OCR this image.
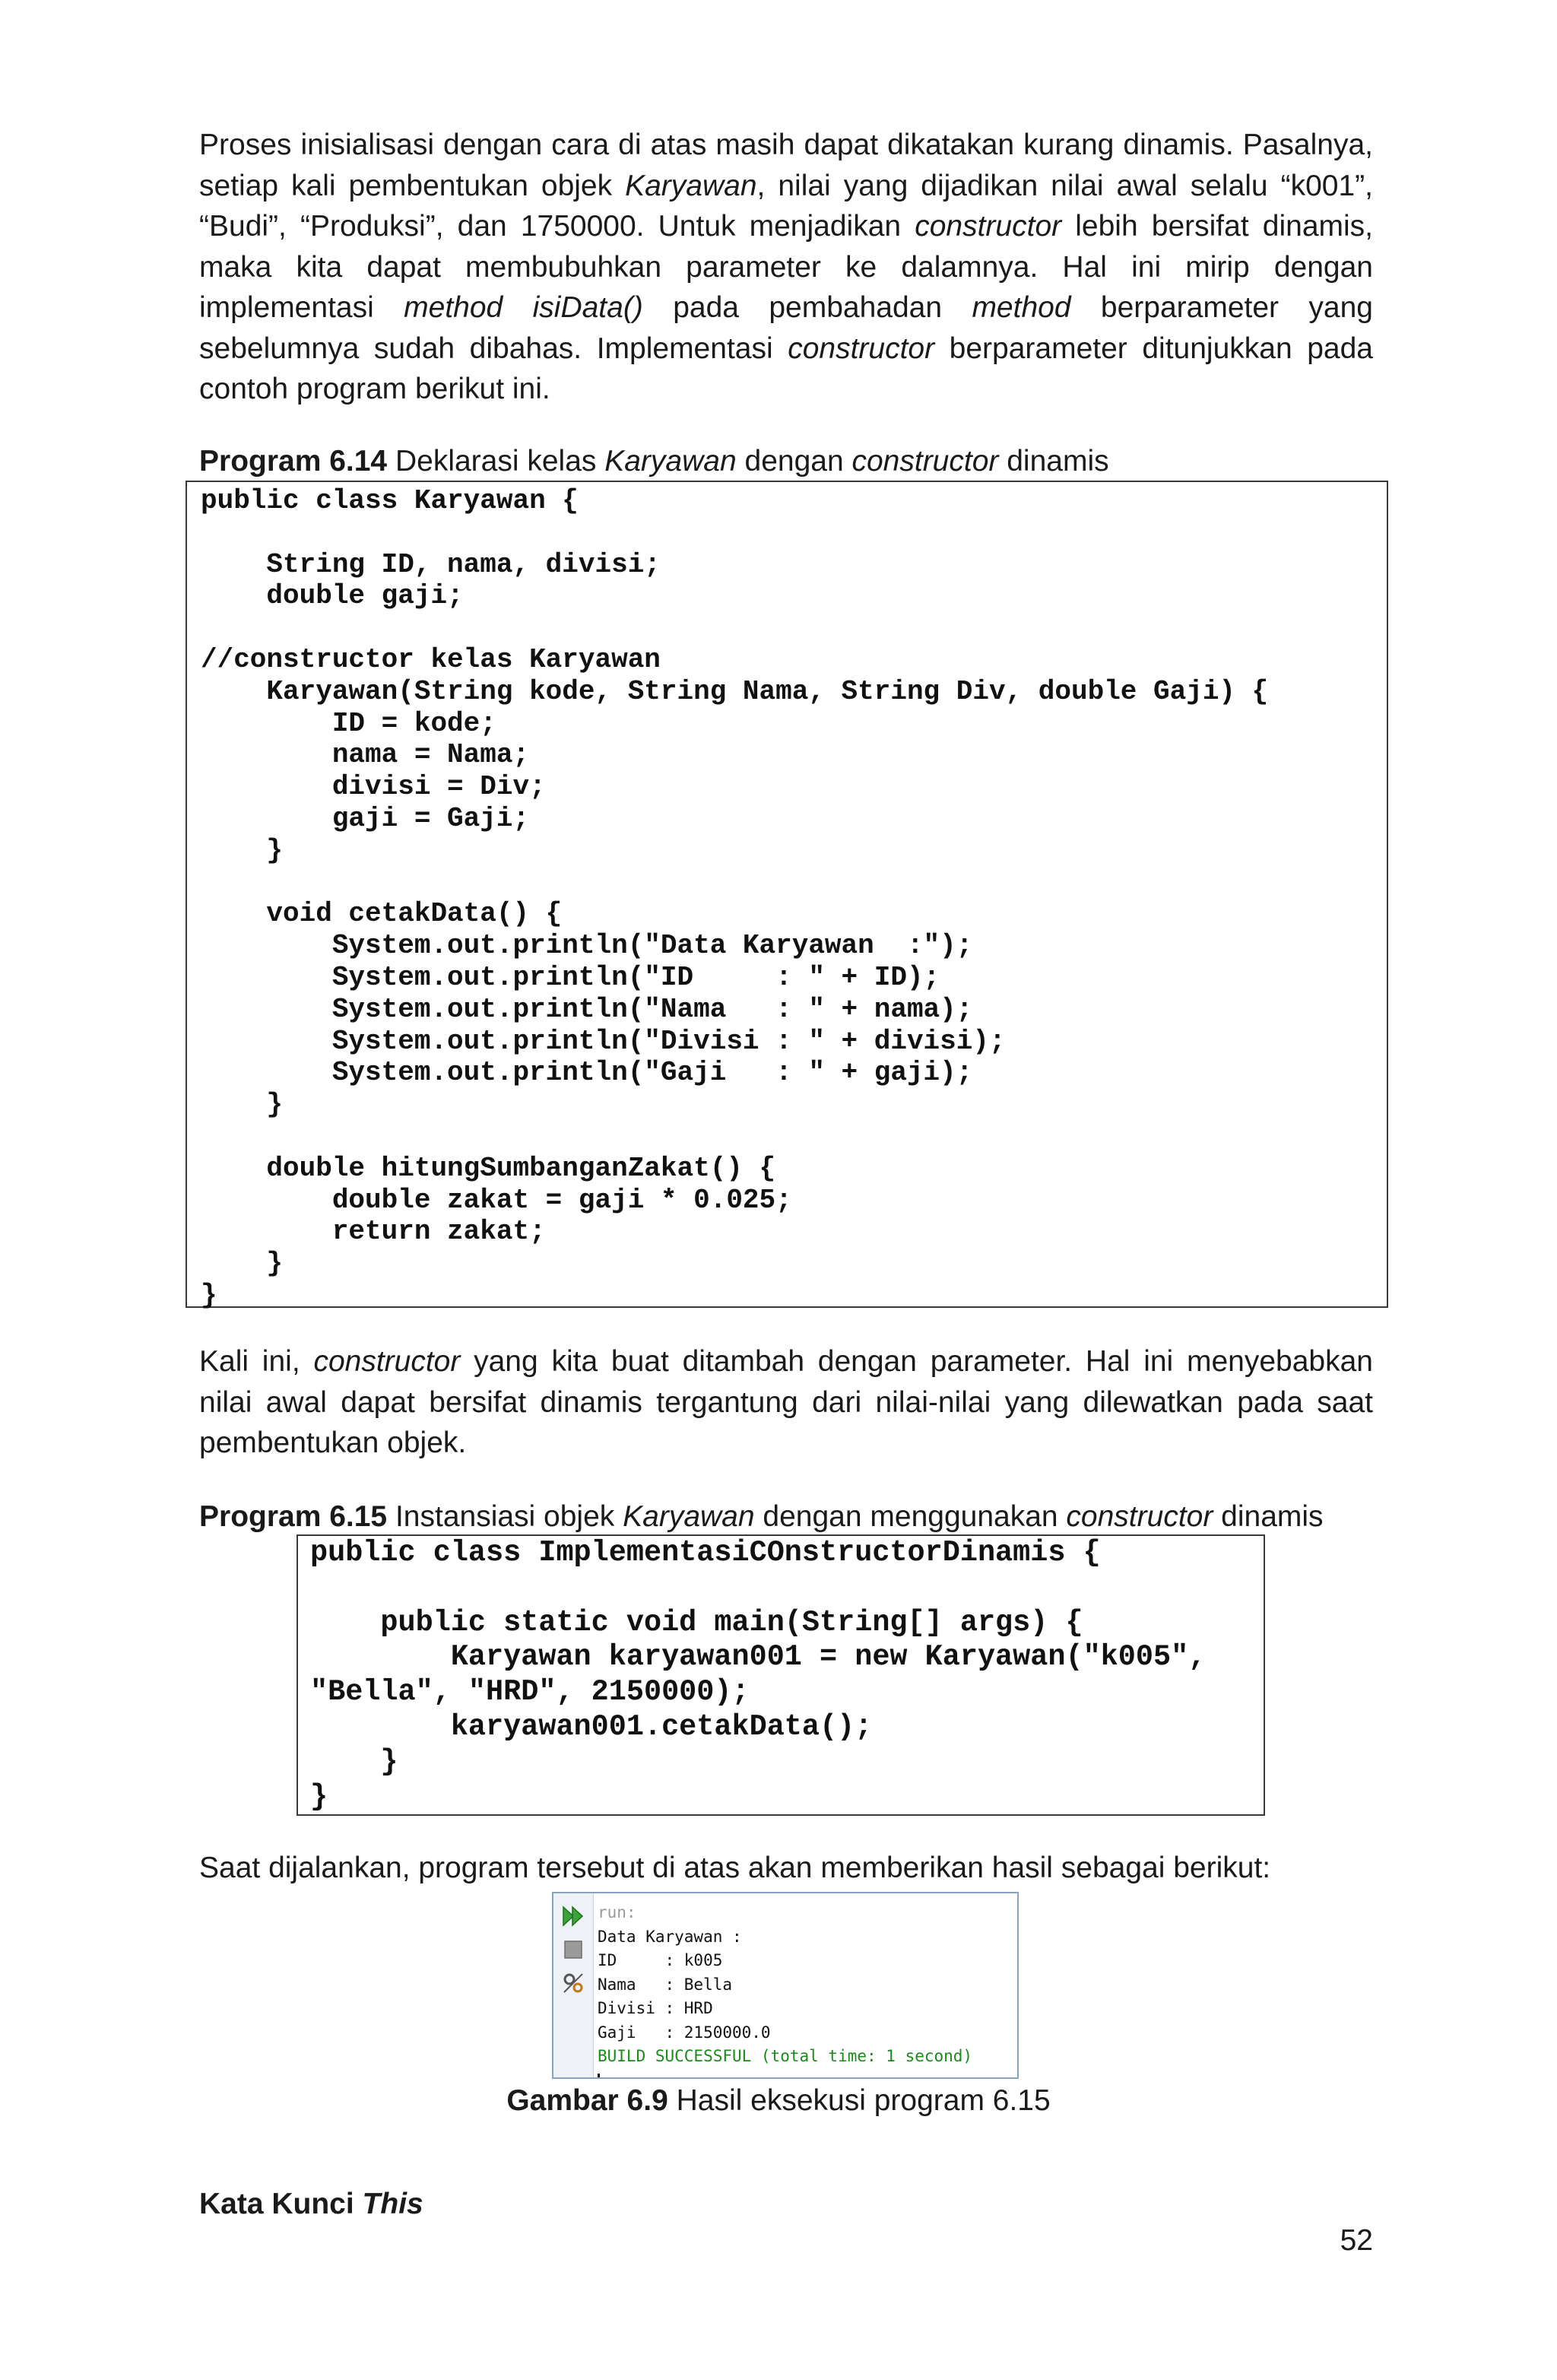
Proses inisialisasi dengan cara di atas masih dapat dikatakan kurang dinamis. Pasalnya, setiap kali pembentukan objek Karyawan, nilai yang dijadikan nilai awal selalu “k001”, “Budi”, “Produksi”, dan 1750000. Untuk menjadikan constructor lebih bersifat dinamis, maka kita dapat membubuhkan parameter ke dalamnya. Hal ini mirip dengan implementasi method isiData() pada pembahadan method berparameter yang sebelumnya sudah dibahas. Implementasi constructor berparameter ditunjukkan pada contoh program berikut ini.

Program 6.14 Deklarasi kelas Karyawan dengan constructor dinamis
public class Karyawan {

String ID, nama, divisi;
double gaji;

//constructor kelas Karyawan
Karyawan(String kode, String Nama, String Div, double Gaji) {
ID = kode;
nama = Nama;
divisi = Div;
gaji = Gaji;
}

void cetakData() {
System.out.println("Data Karyawan  :");
System.out.println("ID     : " + ID);
System.out.println("Nama   : " + nama);
System.out.println("Divisi : " + divisi);
System.out.println("Gaji   : " + gaji);
}

double hitungSumbanganZakat() {
double zakat = gaji * 0.025;
return zakat;
}
}

Kali ini, constructor yang kita buat ditambah dengan parameter. Hal ini menyebabkan nilai awal dapat bersifat dinamis tergantung dari nilai-nilai yang dilewatkan pada saat pembentukan objek.

Program 6.15 Instansiasi objek Karyawan dengan menggunakan constructor dinamis
public class ImplementasiCOnstructorDinamis {

public static void main(String[] args) {
Karyawan karyawan001 = new Karyawan("k005",
"Bella", "HRD", 2150000);
karyawan001.cetakData();
}
}

Saat dijalankan, program tersebut di atas akan memberikan hasil sebagai berikut:

run:
Data Karyawan :
ID     : k005
Nama   : Bella
Divisi : HRD
Gaji   : 2150000.0
BUILD SUCCESSFUL (total time: 1 second)
Gambar 6.9 Hasil eksekusi program 6.15
Kata Kunci This
52
